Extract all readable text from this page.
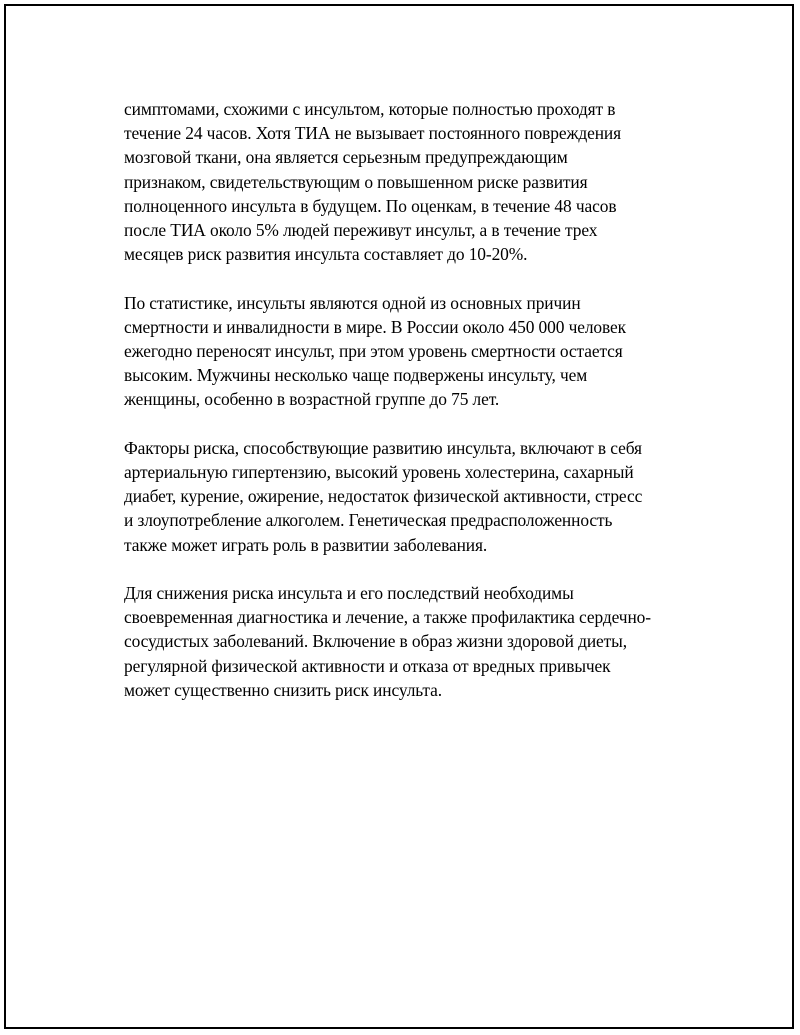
симптомами, схожими с инсультом, которые полностью проходят в
течение 24 часов. Хотя ТИА не вызывает постоянного повреждения
мозговой ткани, она является серьезным предупреждающим
признаком, свидетельствующим о повышенном риске развития
полноценного инсульта в будущем. По оценкам, в течение 48 часов
после ТИА около 5% людей переживут инсульт, а в течение трех
месяцев риск развития инсульта составляет до 10-20%.

По статистике, инсульты являются одной из основных причин
смертности и инвалидности в мире. В России около 450 000 человек
ежегодно переносят инсульт, при этом уровень смертности остается
высоким. Мужчины несколько чаще подвержены инсульту, чем
женщины, особенно в возрастной группе до 75 лет.

Факторы риска, способствующие развитию инсульта, включают в себя
артериальную гипертензию, высокий уровень холестерина, сахарный
диабет, курение, ожирение, недостаток физической активности, стресс
и злоупотребление алкоголем. Генетическая предрасположенность
также может играть роль в развитии заболевания.

Для снижения риска инсульта и его последствий необходимы
своевременная диагностика и лечение, а также профилактика сердечно-
сосудистых заболеваний. Включение в образ жизни здоровой диеты,
регулярной физической активности и отказа от вредных привычек
может существенно снизить риск инсульта.
